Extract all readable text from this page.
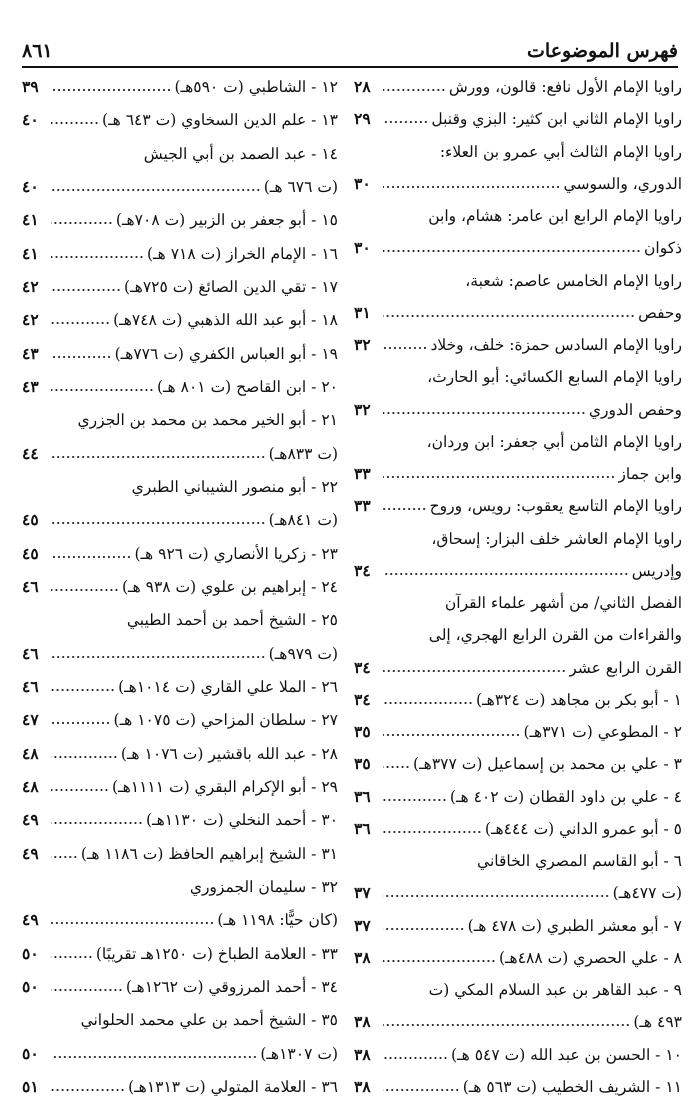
فهرس الموضوعات
٨٦١
راويا الإمام الأول نافع: قالون، وورش
٢٨
راويا الإمام الثاني ابن كثير: البزي وقنبل
٢٩
راويا الإمام الثالث أبي عمرو بن العلاء:
الدوري، والسوسي
٣٠
راويا الإمام الرابع ابن عامر: هشام، وابن
ذكوان
٣٠
راويا الإمام الخامس عاصم: شعبة،
وحفص
٣١
راويا الإمام السادس حمزة: خلف، وخلاد
٣٢
راويا الإمام السابع الكسائي: أبو الحارث،
وحفص الدوري
٣٢
راويا الإمام الثامن أبي جعفر: ابن وردان،
وابن جماز
٣٣
راويا الإمام التاسع يعقوب: رويس، وروح
٣٣
راويا الإمام العاشر خلف البزار: إسحاق،
وإدريس
٣٤
الفصل الثاني/ من أشهر علماء القرآن
والقراءات من القرن الرابع الهجري، إلى
القرن الرابع عشر
٣٤
١ - أبو بكر بن مجاهد (ت ٣٢٤هـ)
٣٤
٢ - المطوعي (ت ٣٧١هـ)
٣٥
٣ - علي بن محمد بن إسماعيل (ت ٣٧٧هـ)
٣٥
٤ - علي بن داود القطان (ت ٤٠٢ هـ)
٣٦
٥ - أبو عمرو الداني (ت ٤٤٤هـ)
٣٦
٦ - أبو القاسم المصري الخاقاني
(ت ٤٧٧هـ)
٣٧
٧ - أبو معشر الطبري (ت ٤٧٨ هـ)
٣٧
٨ - علي الحصري (ت ٤٨٨هـ)
٣٨
٩ - عبد القاهر بن عبد السلام المكي (ت
٤٩٣ هـ)
٣٨
١٠ - الحسن بن عبد الله (ت ٥٤٧ هـ)
٣٨
١١ - الشريف الخطيب (ت ٥٦٣ هـ)
٣٨
١٢ - الشاطبي (ت ٥٩٠هـ)
٣٩
١٣ - علم الدين السخاوي (ت ٦٤٣ هـ)
٤٠
١٤ - عبد الصمد بن أبي الجيش
(ت ٦٧٦ هـ)
٤٠
١٥ - أبو جعفر بن الزبير (ت ٧٠٨هـ)
٤١
١٦ - الإمام الخراز (ت ٧١٨ هـ)
٤١
١٧ - تقي الدين الصائغ (ت ٧٢٥هـ)
٤٢
١٨ - أبو عبد الله الذهبي (ت ٧٤٨هـ)
٤٢
١٩ - أبو العباس الكفري (ت ٧٧٦هـ)
٤٣
٢٠ - ابن القاصح (ت ٨٠١ هـ)
٤٣
٢١ - أبو الخير محمد بن محمد بن الجزري
(ت ٨٣٣هـ)
٤٤
٢٢ - أبو منصور الشيباني الطبري
(ت ٨٤١هـ)
٤٥
٢٣ - زكريا الأنصاري (ت ٩٢٦ هـ)
٤٥
٢٤ - إبراهيم بن علوي (ت ٩٣٨ هـ)
٤٦
٢٥ - الشيخ أحمد بن أحمد الطيبي
(ت ٩٧٩هـ)
٤٦
٢٦ - الملا علي القاري (ت ١٠١٤هـ)
٤٦
٢٧ - سلطان المزاحي (ت ١٠٧٥ هـ)
٤٧
٢٨ - عبد الله باقشير (ت ١٠٧٦ هـ)
٤٨
٢٩ - أبو الإكرام البقري (ت ١١١١هـ)
٤٨
٣٠ - أحمد النخلي (ت ١١٣٠هـ)
٤٩
٣١ - الشيخ إبراهيم الحافظ (ت ١١٨٦ هـ)
٤٩
٣٢ - سليمان الجمزوري
(كان حيًّا: ١١٩٨ هـ)
٤٩
٣٣ - العلامة الطباخ (ت ١٢٥٠هـ تقريبًا)
٥٠
٣٤ - أحمد المرزوقي (ت ١٢٦٢هـ)
٥٠
٣٥ - الشيخ أحمد بن علي محمد الحلواني
(ت ١٣٠٧هـ)
٥٠
٣٦ - العلامة المتولي (ت ١٣١٣هـ)
٥١
